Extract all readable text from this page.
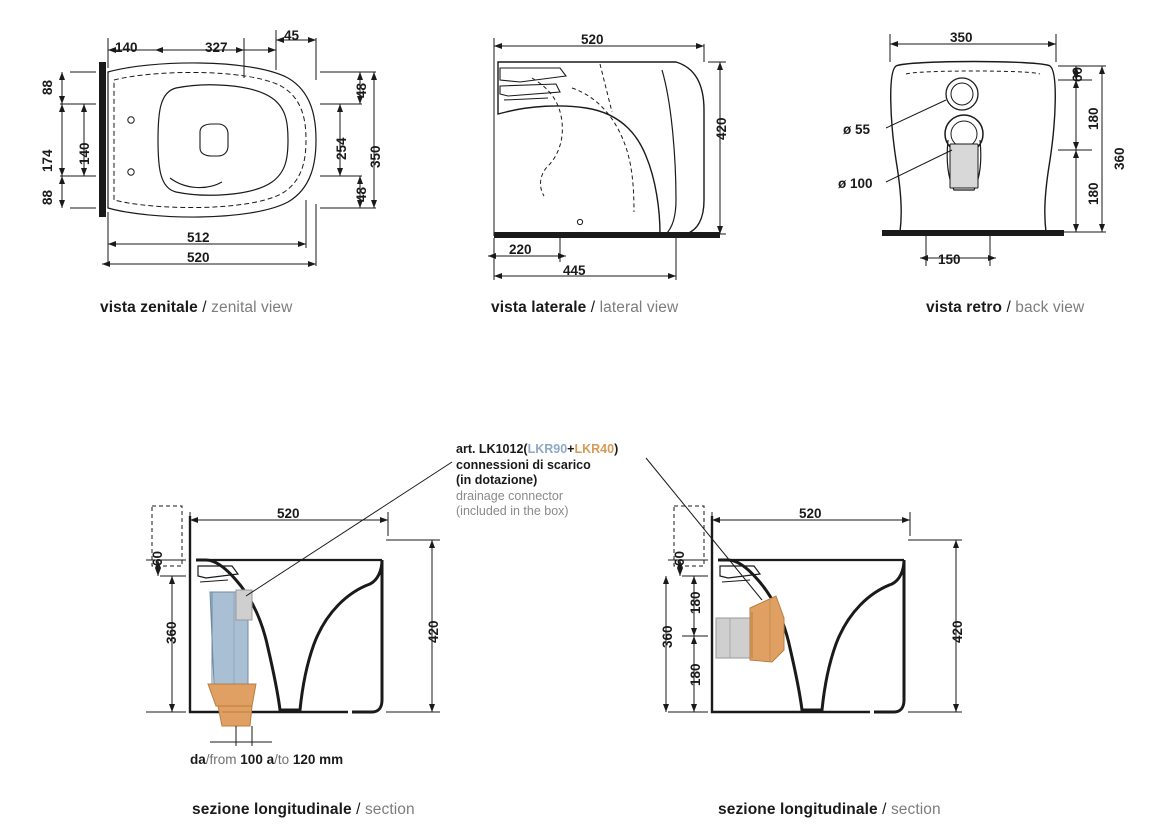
140	327
45
88
174
88
140
48
254
48
350
512
520
520
420
220
445
350
60
180
180
360
150
ø 55
ø 100
520
60
360	420
520
60
180
180
360	420
art. LK1012(LKR90+LKR40)
connessioni di scarico
(in dotazione)
drainage connector
(included in the box)
da/from 100 a/to 120 mm
vista zenitale / zenital view	vista laterale / lateral view	vista retro / back view
sezione longitudinale / section	sezione longitudinale / section
